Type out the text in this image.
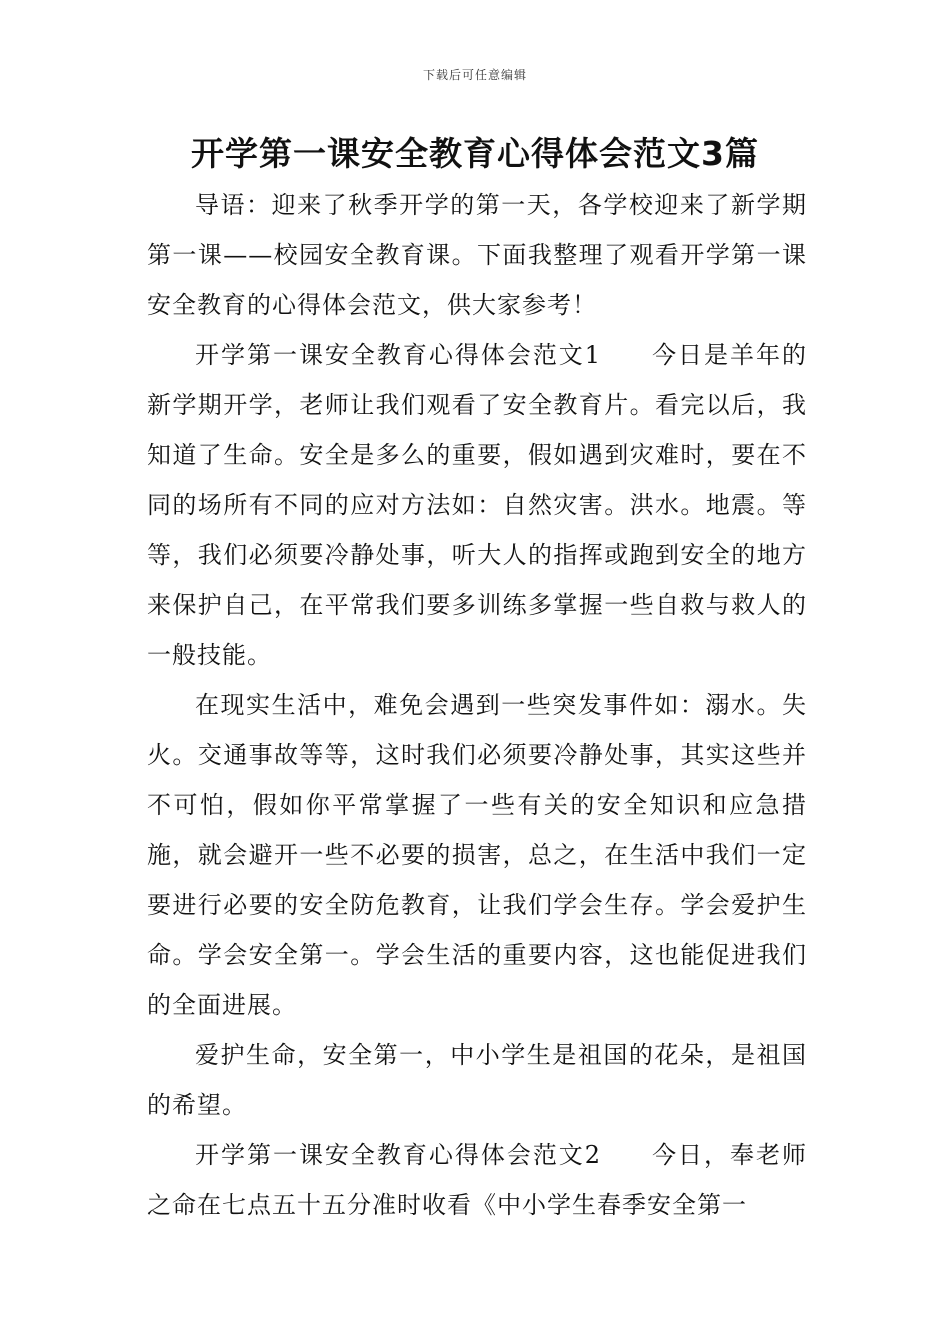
下载后可任意编辑
开学第一课安全教育心得体会范文3篇

导语：迎来了秋季开学的第一天，各学校迎来了新学期第一课——校园安全教育课。下面我整理了观看开学第一课安全教育的心得体会范文，供大家参考！

开学第一课安全教育心得体会范文1 今日是羊年的新学期开学，老师让我们观看了安全教育片。看完以后，我知道了生命。安全是多么的重要，假如遇到灾难时，要在不同的场所有不同的应对方法如：自然灾害。洪水。地震。等等，我们必须要冷静处事，听大人的指挥或跑到安全的地方来保护自己，在平常我们要多训练多掌握一些自救与救人的一般技能。

在现实生活中，难免会遇到一些突发事件如：溺水。失火。交通事故等等，这时我们必须要冷静处事，其实这些并不可怕，假如你平常掌握了一些有关的安全知识和应急措施，就会避开一些不必要的损害，总之，在生活中我们一定要进行必要的安全防危教育，让我们学会生存。学会爱护生命。学会安全第一。学会生活的重要内容，这也能促进我们的全面进展。

爱护生命，安全第一，中小学生是祖国的花朵，是祖国的希望。

开学第一课安全教育心得体会范文2 今日，奉老师之命在七点五十五分准时收看《中小学生春季安全第一
